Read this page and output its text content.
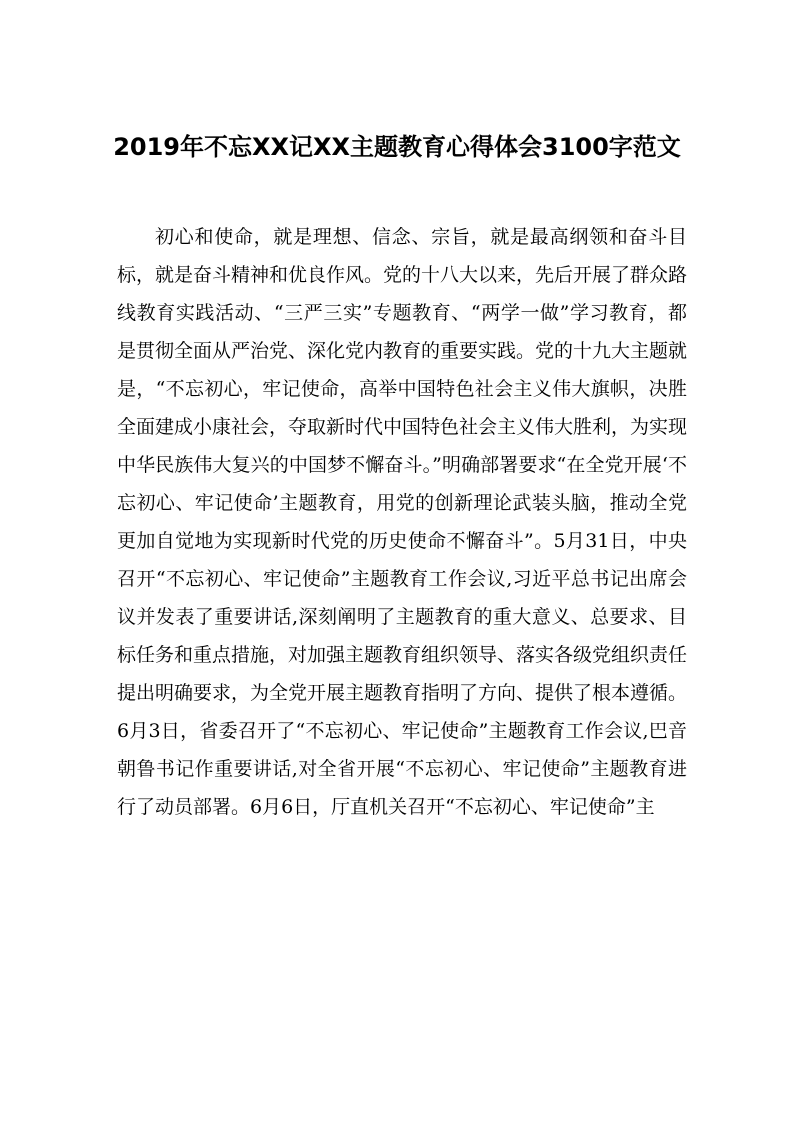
2019年不忘XX记XX主题教育心得体会3100字范文

初心和使命，就是理想、信念、宗旨，就是最高纲领和奋斗目标，就是奋斗精神和优良作风。党的十八大以来，先后开展了群众路线教育实践活动、“三严三实”专题教育、“两学一做”学习教育，都是贯彻全面从严治党、深化党内教育的重要实践。党的十九大主题就是，“不忘初心，牢记使命，高举中国特色社会主义伟大旗帜，决胜全面建成小康社会，夺取新时代中国特色社会主义伟大胜利，为实现中华民族伟大复兴的中国梦不懈奋斗。”明确部署要求“在全党开展‘不忘初心、牢记使命’主题教育，用党的创新理论武装头脑，推动全党更加自觉地为实现新时代党的历史使命不懈奋斗”。5月31日，中央召开“不忘初心、牢记使命”主题教育工作会议,习近平总书记出席会议并发表了重要讲话,深刻阐明了主题教育的重大意义、总要求、目标任务和重点措施，对加强主题教育组织领导、落实各级党组织责任提出明确要求，为全党开展主题教育指明了方向、提供了根本遵循。6月3日，省委召开了“不忘初心、牢记使命”主题教育工作会议,巴音朝鲁书记作重要讲话,对全省开展“不忘初心、牢记使命”主题教育进行了动员部署。6月6日，厅直机关召开“不忘初心、牢记使命”主
